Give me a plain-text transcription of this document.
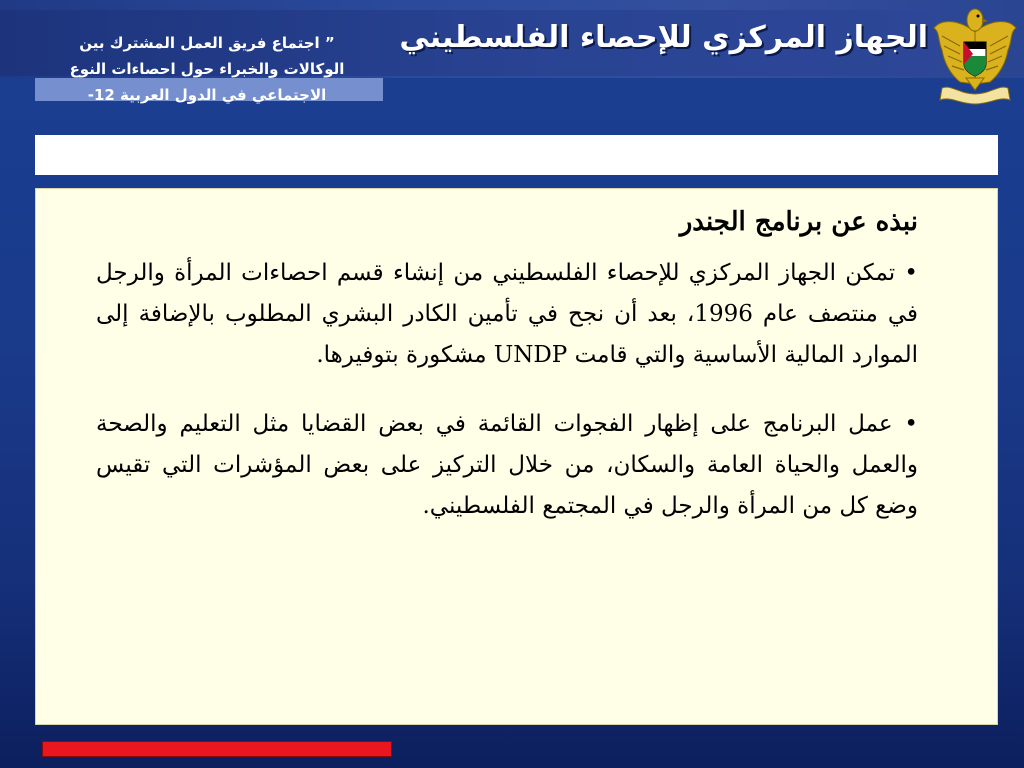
” اجتماع فريق العمل المشترك بين
الوكالات والخبراء حول احصاءات النوع
الاجتماعي في الدول العربية 12-
الجهاز المركزي للإحصاء الفلسطيني
نبذه عن برنامج الجندر

• تمكن الجهاز المركزي للإحصاء الفلسطيني من إنشاء قسم احصاءات المرأة والرجل في منتصف عام 1996، بعد أن نجح في تأمين الكادر البشري المطلوب بالإضافة إلى الموارد المالية الأساسية والتي قامت UNDP مشكورة بتوفيرها.

• عمل البرنامج على إظهار الفجوات القائمة في بعض القضايا مثل التعليم والصحة والعمل والحياة العامة والسكان، من خلال التركيز على بعض المؤشرات التي تقيس وضع كل من المرأة والرجل في المجتمع الفلسطيني.
